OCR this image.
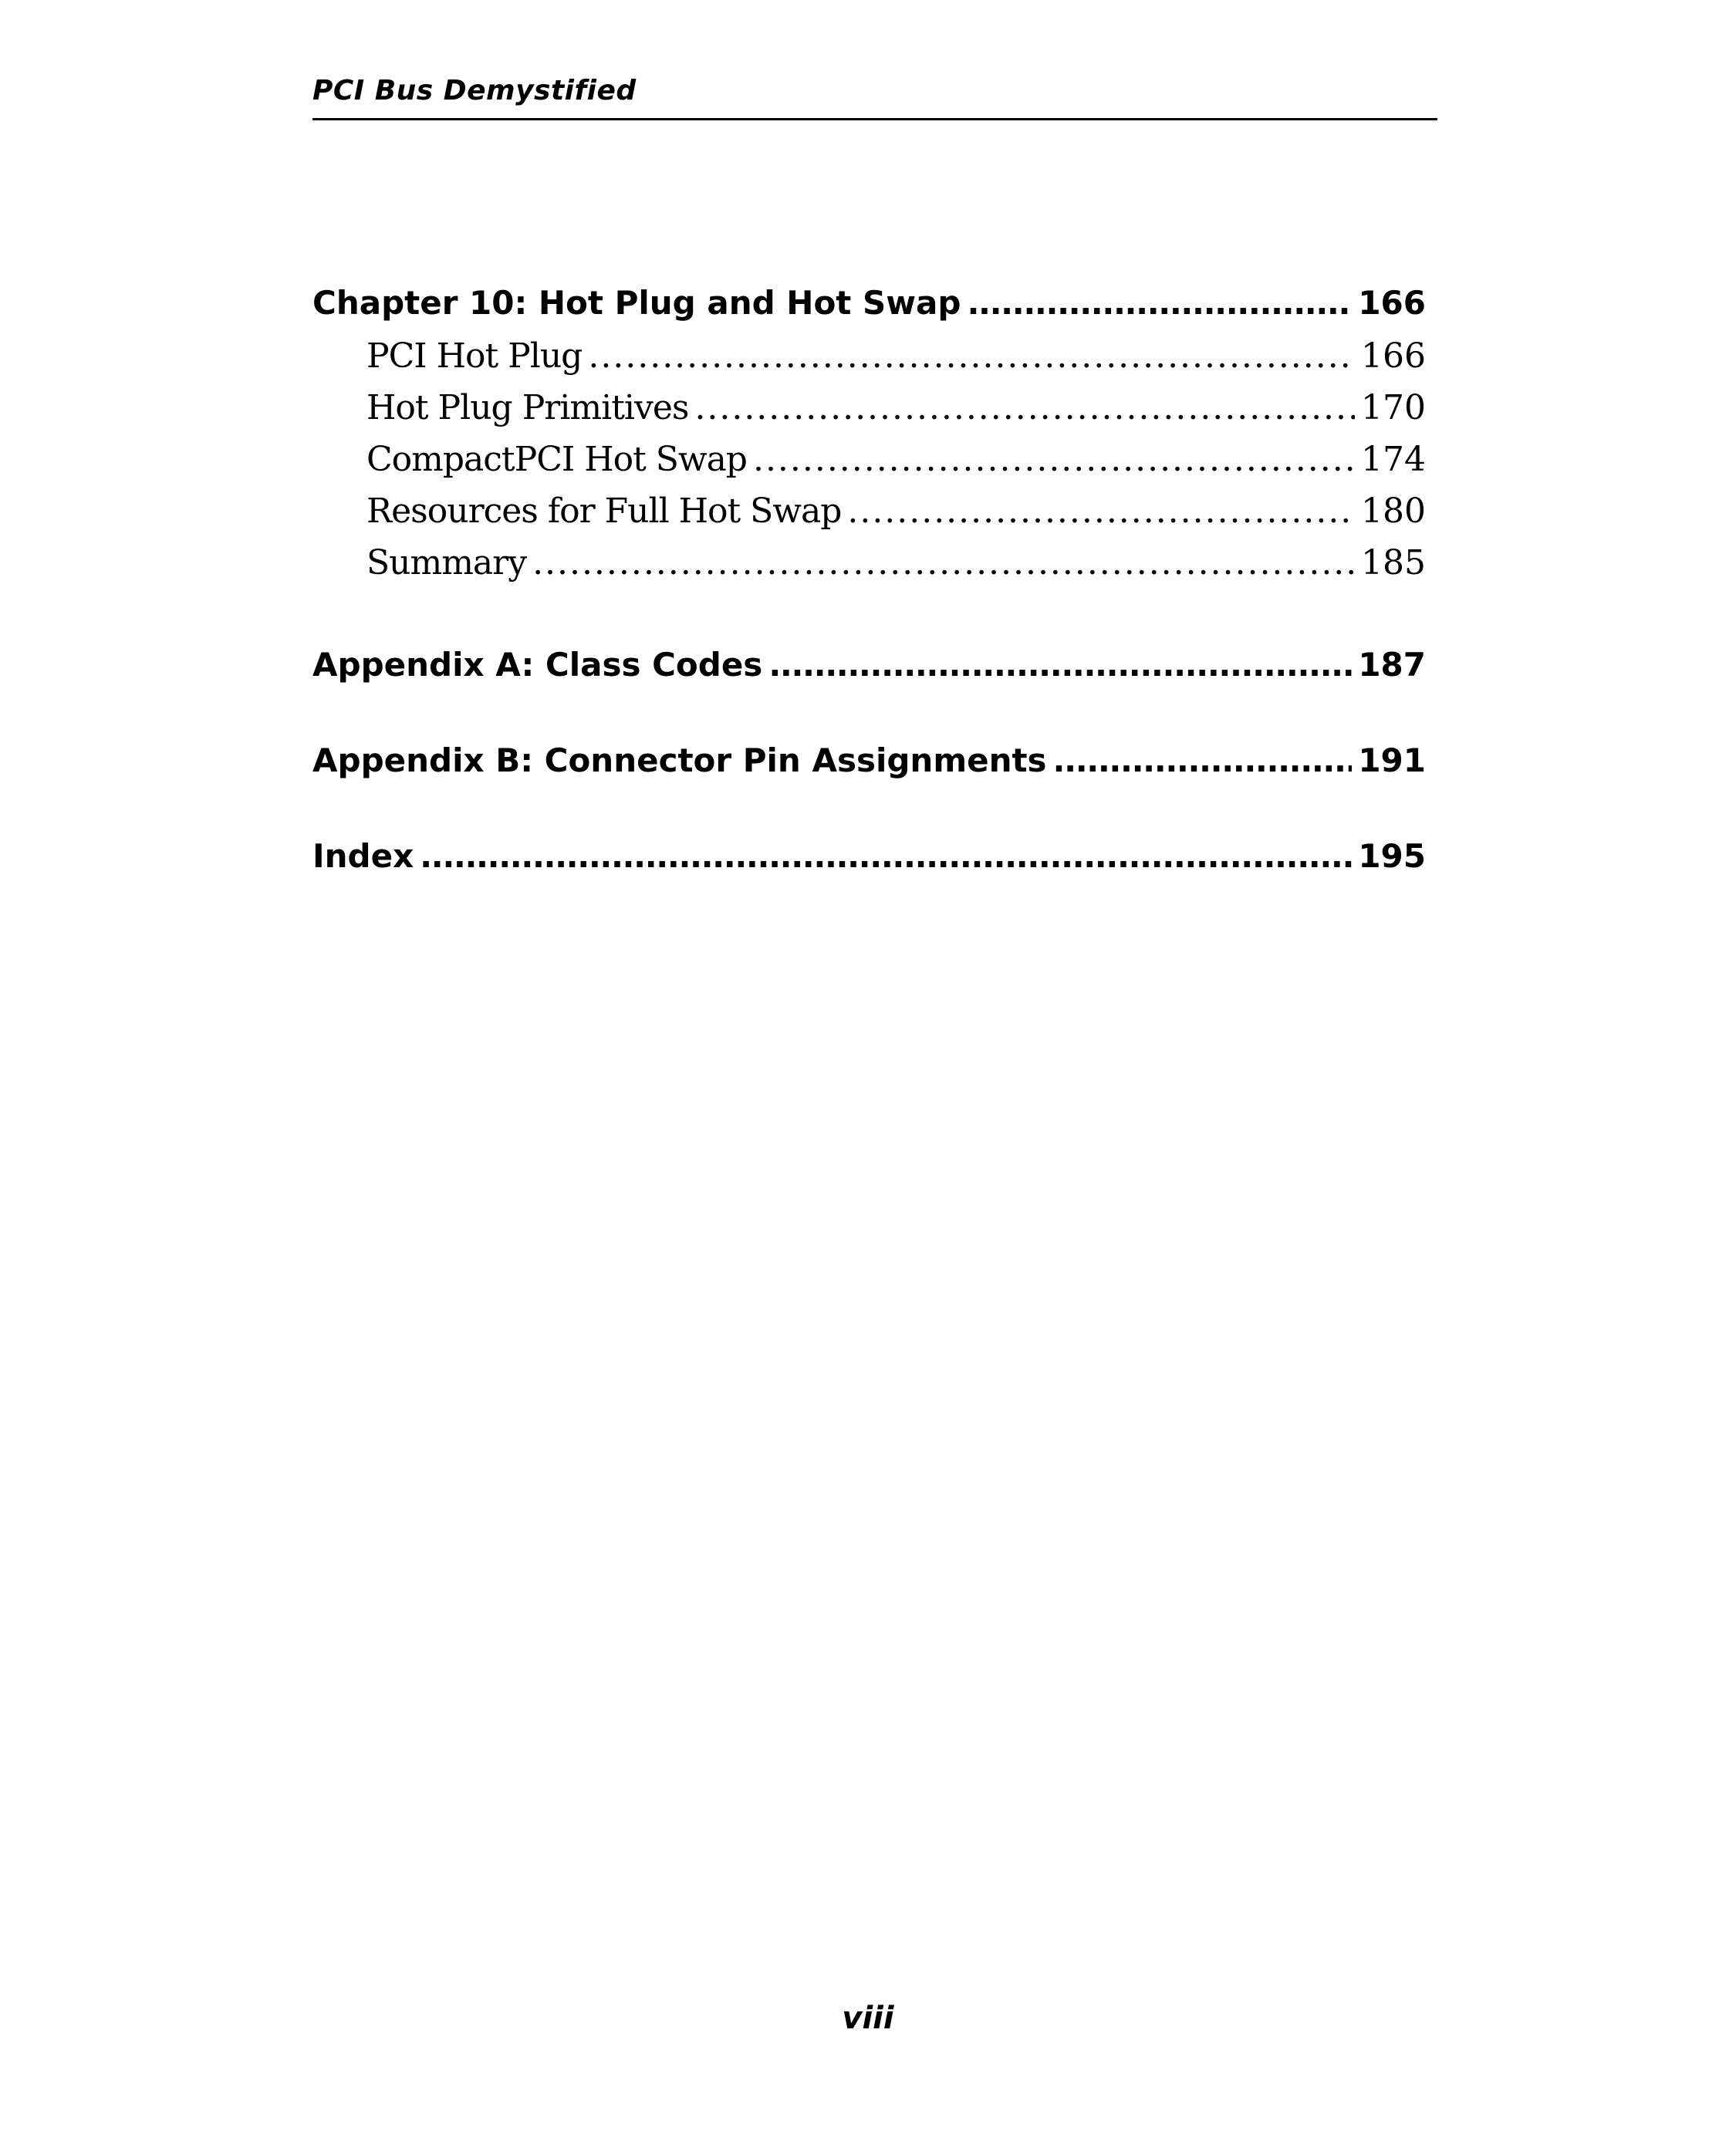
PCI Bus Demystified
Chapter 10: Hot Plug and Hot Swap . . .	166
PCI Hot Plug . . .	166
Hot Plug Primitives . . .	170
CompactPCI Hot Swap . . .	174
Resources for Full Hot Swap . . .	180
Summary . . .	185
Appendix A: Class Codes . . .	187
Appendix B: Connector Pin Assignments . . .	191
Index . . .	195
viii
